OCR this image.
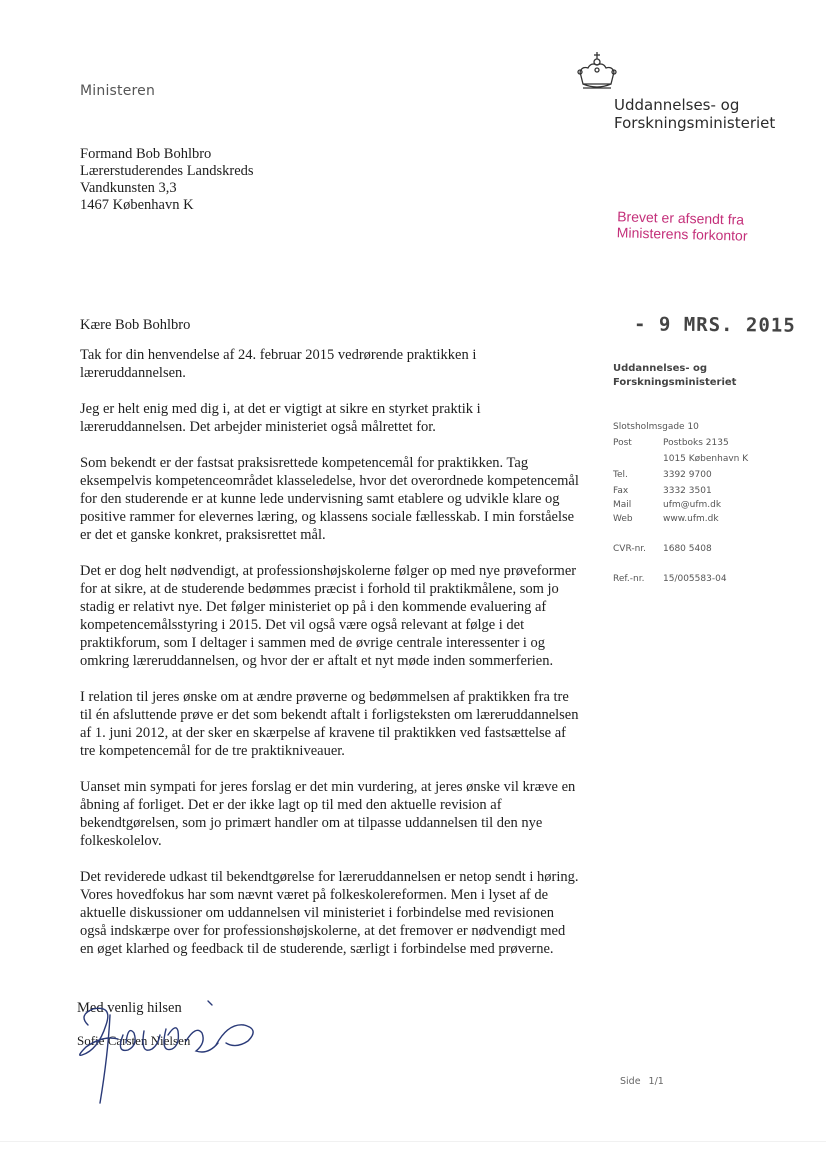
Ministeren
Uddannelses- og
Forskningsministeriet
Formand Bob Bohlbro
Lærerstuderendes Landskreds
Vandkunsten 3,3
1467 København K
Brevet er afsendt fra
Ministerens forkontor
- 9 MRS. 2015
Uddannelses- og
Forskningsministeriet
Slotsholmsgade 10
Post	Postboks 2135
1015 København K
Tel.	3392 9700
Fax	3332 3501
Mail	ufm@ufm.dk
Web	www.ufm.dk
CVR-nr. 1680 5408
Ref.-nr. 15/005583-04
Kære Bob Bohlbro

Tak for din henvendelse af 24. februar 2015 vedrørende praktikken i læreruddannelsen.

Jeg er helt enig med dig i, at det er vigtigt at sikre en styrket praktik i læreruddannelsen. Det arbejder ministeriet også målrettet for.

Som bekendt er der fastsat praksisrettede kompetencemål for praktikken. Tag eksempelvis kompetenceområdet klasseledelse, hvor det overordnede kompetencemål for den studerende er at kunne lede undervisning samt etablere og udvikle klare og positive rammer for elevernes læring, og klassens sociale fællesskab. I min forståelse er det et ganske konkret, praksisrettet mål.

Det er dog helt nødvendigt, at professionshøjskolerne følger op med nye prøveformer for at sikre, at de studerende bedømmes præcist i forhold til praktikmålene, som jo stadig er relativt nye. Det følger ministeriet op på i den kommende evaluering af kompetencemålsstyring i 2015. Det vil også være også relevant at følge i det praktikforum, som I deltager i sammen med de øvrige centrale interessenter i og omkring læreruddannelsen, og hvor der er aftalt et nyt møde inden sommerferien.

I relation til jeres ønske om at ændre prøverne og bedømmelsen af praktikken fra tre til én afsluttende prøve er det som bekendt aftalt i forligsteksten om læreruddannelsen af 1. juni 2012, at der sker en skærpelse af kravene til praktikken ved fastsættelse af tre kompetencemål for de tre praktikniveauer.

Uanset min sympati for jeres forslag er det min vurdering, at jeres ønske vil kræve en åbning af forliget. Det er der ikke lagt op til med den aktuelle revision af bekendtgørelsen, som jo primært handler om at tilpasse uddannelsen til den nye folkeskolelov.

Det reviderede udkast til bekendtgørelse for læreruddannelsen er netop sendt i høring. Vores hovedfokus har som nævnt været på folkeskolereformen. Men i lyset af de aktuelle diskussioner om uddannelsen vil ministeriet i forbindelse med revisionen også indskærpe over for professionshøjskolerne, at det fremover er nødvendigt med en øget klarhed og feedback til de studerende, særligt i forbindelse med prøverne.

Med venlig hilsen
Sofie Carsten Nielsen
Side 1/1
